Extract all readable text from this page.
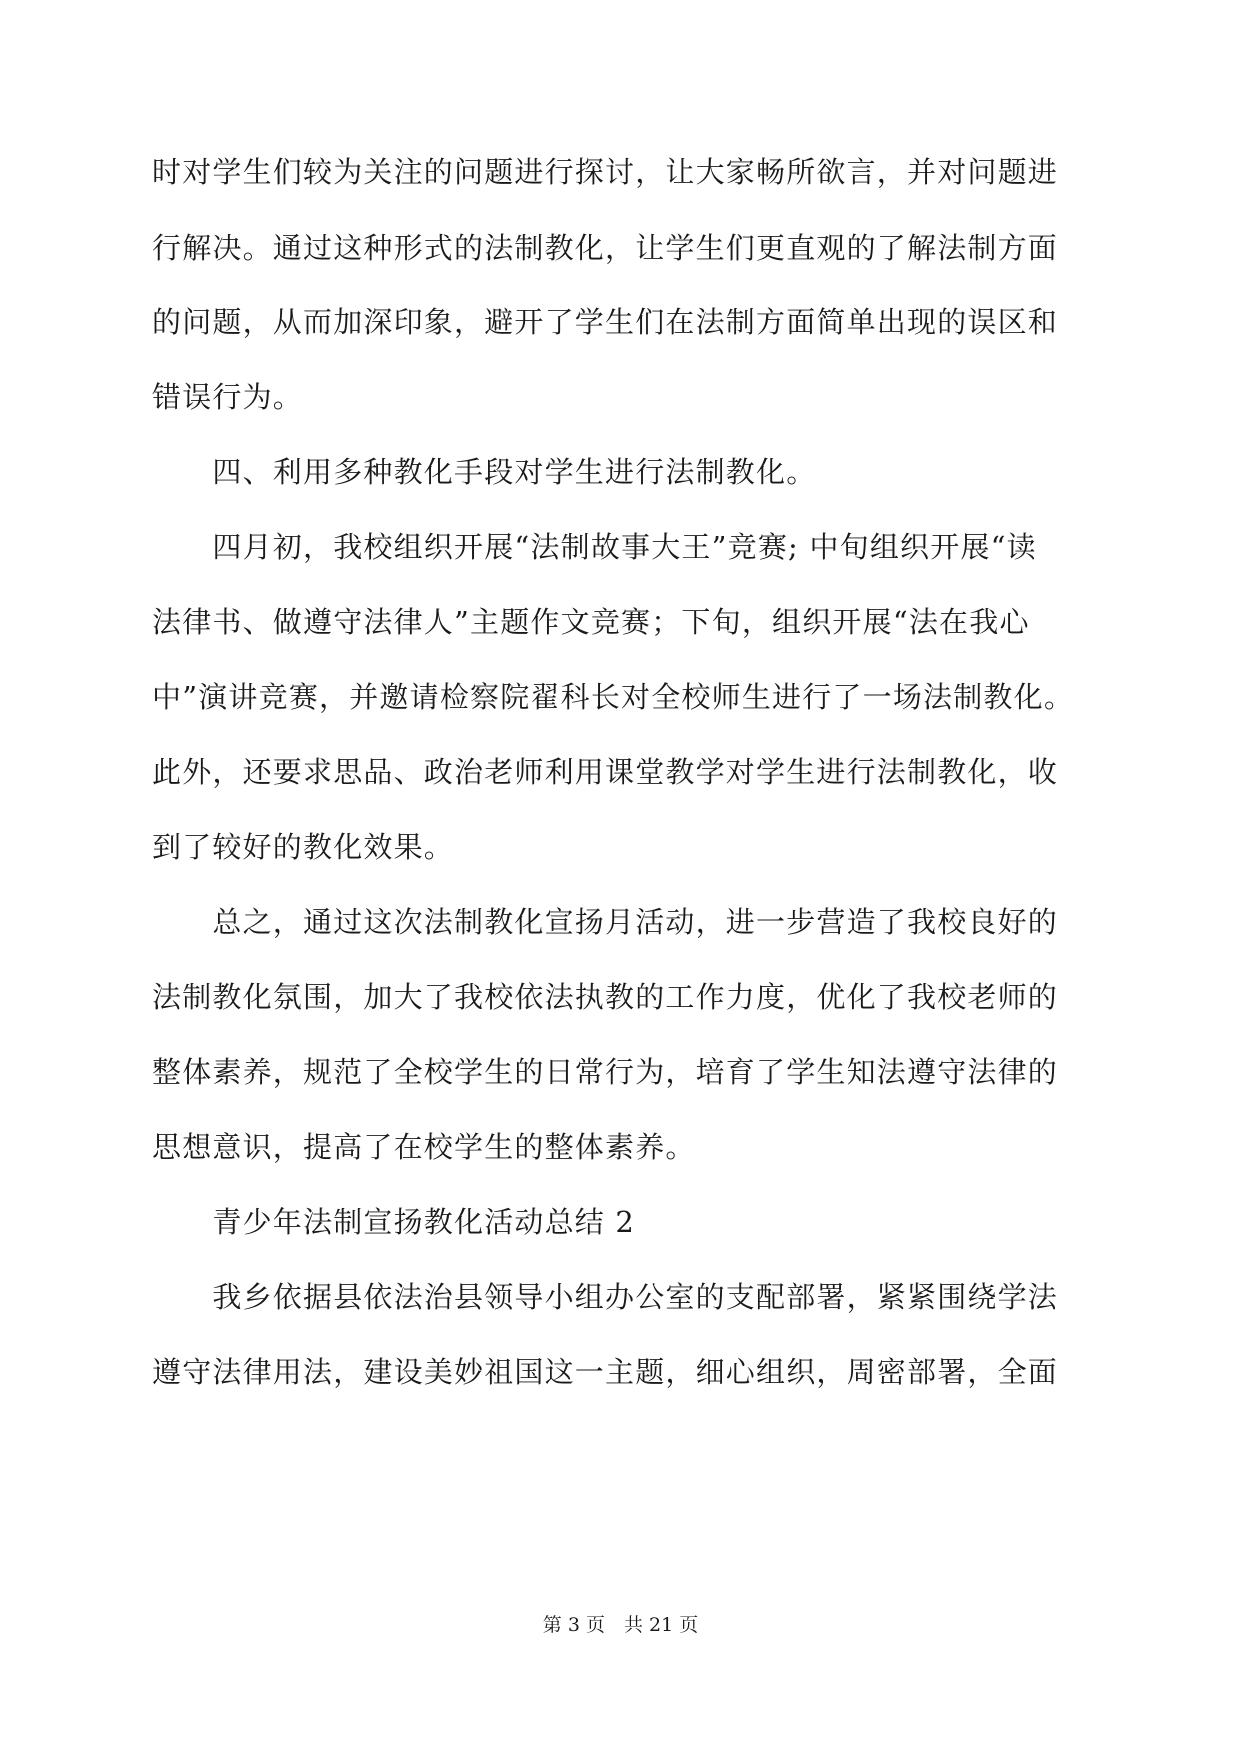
时对学生们较为关注的问题进行探讨，让大家畅所欲言，并对问题进
行解决。通过这种形式的法制教化，让学生们更直观的了解法制方面
的问题，从而加深印象，避开了学生们在法制方面简单出现的误区和
错误行为。
　　四、利用多种教化手段对学生进行法制教化。
　　四月初，我校组织开展“法制故事大王”竞赛; 中旬组织开展“读
法律书、做遵守法律人”主题作文竞赛；下旬，组织开展“法在我心
中”演讲竞赛，并邀请检察院翟科长对全校师生进行了一场法制教化。
此外，还要求思品、政治老师利用课堂教学对学生进行法制教化，收
到了较好的教化效果。
　　总之，通过这次法制教化宣扬月活动，进一步营造了我校良好的
法制教化氛围，加大了我校依法执教的工作力度，优化了我校老师的
整体素养，规范了全校学生的日常行为，培育了学生知法遵守法律的
思想意识，提高了在校学生的整体素养。
　　青少年法制宣扬教化活动总结 2
　　我乡依据县依法治县领导小组办公室的支配部署，紧紧围绕学法
遵守法律用法，建设美妙祖国这一主题，细心组织，周密部署，全面
第 3 页　共 21 页
